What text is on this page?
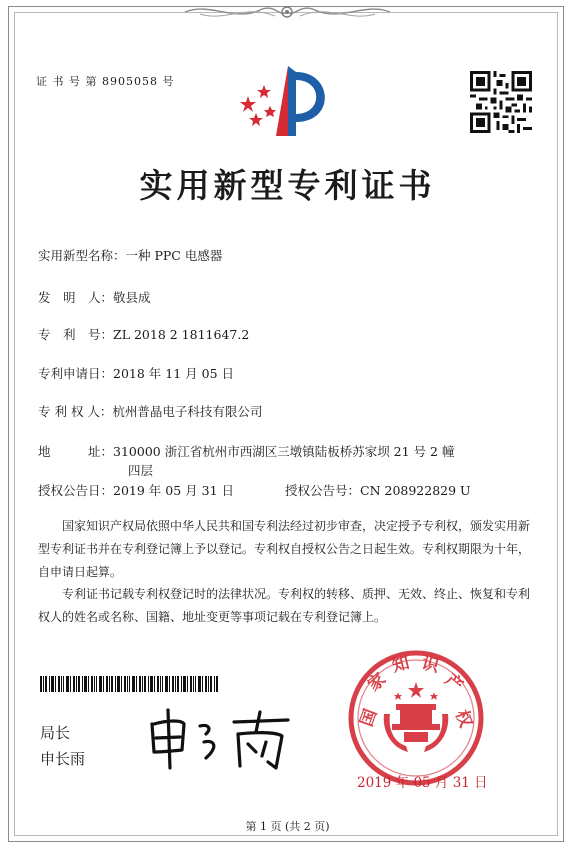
证 书 号 第 8905058 号
实用新型专利证书
实用新型名称：一种 PPC 电感器
发　明　人：敬县成
专　利　号：ZL 2018 2 1811647.2
专利申请日：2018 年 11 月 05 日
专 利 权 人：杭州普晶电子科技有限公司
地　　　址：310000 浙江省杭州市西湖区三墩镇陆板桥苏家坝 21 号 2 幢
四层
授权公告日：2019 年 05 月 31 日	授权公告号：CN 208922829 U
国家知识产权局依照中华人民共和国专利法经过初步审查，决定授予专利权，颁发实用新型专利证书并在专利登记簿上予以登记。专利权自授权公告之日起生效。专利权期限为十年，自申请日起算。
专利证书记载专利权登记时的法律状况。专利权的转移、质押、无效、终止、恢复和专利权人的姓名或名称、国籍、地址变更等事项记载在专利登记簿上。
局长
申长雨
国
家
知 识
产
权
2019 年 05 月 31 日
第 1 页 (共 2 页)
